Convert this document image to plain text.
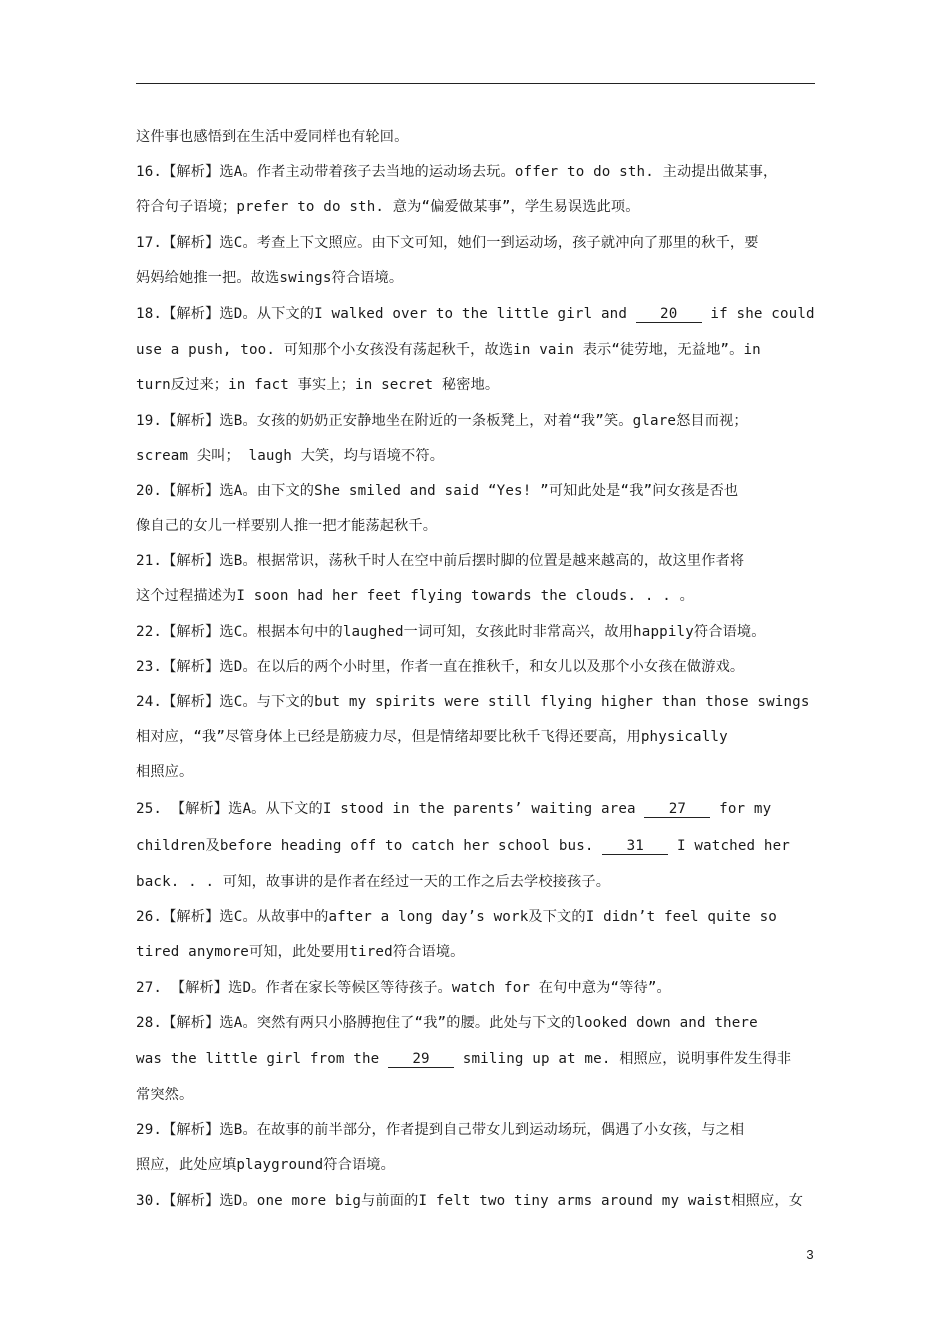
这件事也感悟到在生活中爱同样也有轮回。
16.【解析】选A。作者主动带着孩子去当地的运动场去玩。offer to do sth. 主动提出做某事，
符合句子语境；prefer to do sth. 意为“偏爱做某事”，学生易误选此项。
17.【解析】选C。考查上下文照应。由下文可知，她们一到运动场，孩子就冲向了那里的秋千，要
妈妈给她推一把。故选swings符合语境。
18.【解析】选D。从下文的I walked over to the little girl and 20 if she could
use a push, too. 可知那个小女孩没有荡起秋千，故选in vain 表示“徒劳地，无益地”。in
turn反过来；in fact 事实上；in secret 秘密地。
19.【解析】选B。女孩的奶奶正安静地坐在附近的一条板凳上，对着“我”笑。glare怒目而视；
scream 尖叫； laugh 大笑，均与语境不符。
20.【解析】选A。由下文的She smiled and said “Yes! ”可知此处是“我”问女孩是否也
像自己的女儿一样要别人推一把才能荡起秋千。
21.【解析】选B。根据常识，荡秋千时人在空中前后摆时脚的位置是越来越高的，故这里作者将
这个过程描述为I soon had her feet flying towards the clouds. . . 。
22.【解析】选C。根据本句中的laughed一词可知，女孩此时非常高兴，故用happily符合语境。
23.【解析】选D。在以后的两个小时里，作者一直在推秋千，和女儿以及那个小女孩在做游戏。
24.【解析】选C。与下文的but my spirits were still flying higher than those swings
相对应，“我”尽管身体上已经是筋疲力尽，但是情绪却要比秋千飞得还要高，用physically
相照应。
25. 【解析】选A。从下文的I stood in the parents’ waiting area 27 for my
children及before heading off to catch her school bus. 31 I watched her
back. . . 可知，故事讲的是作者在经过一天的工作之后去学校接孩子。
26.【解析】选C。从故事中的after a long day’s work及下文的I didn’t feel quite so
tired anymore可知，此处要用tired符合语境。
27. 【解析】选D。作者在家长等候区等待孩子。watch for 在句中意为“等待”。
28.【解析】选A。突然有两只小胳膊抱住了“我”的腰。此处与下文的looked down and there
was the little girl from the 29 smiling up at me. 相照应，说明事件发生得非
常突然。
29.【解析】选B。在故事的前半部分，作者提到自己带女儿到运动场玩，偶遇了小女孩，与之相
照应，此处应填playground符合语境。
30.【解析】选D。one more big与前面的I felt two tiny arms around my waist相照应，女
3
